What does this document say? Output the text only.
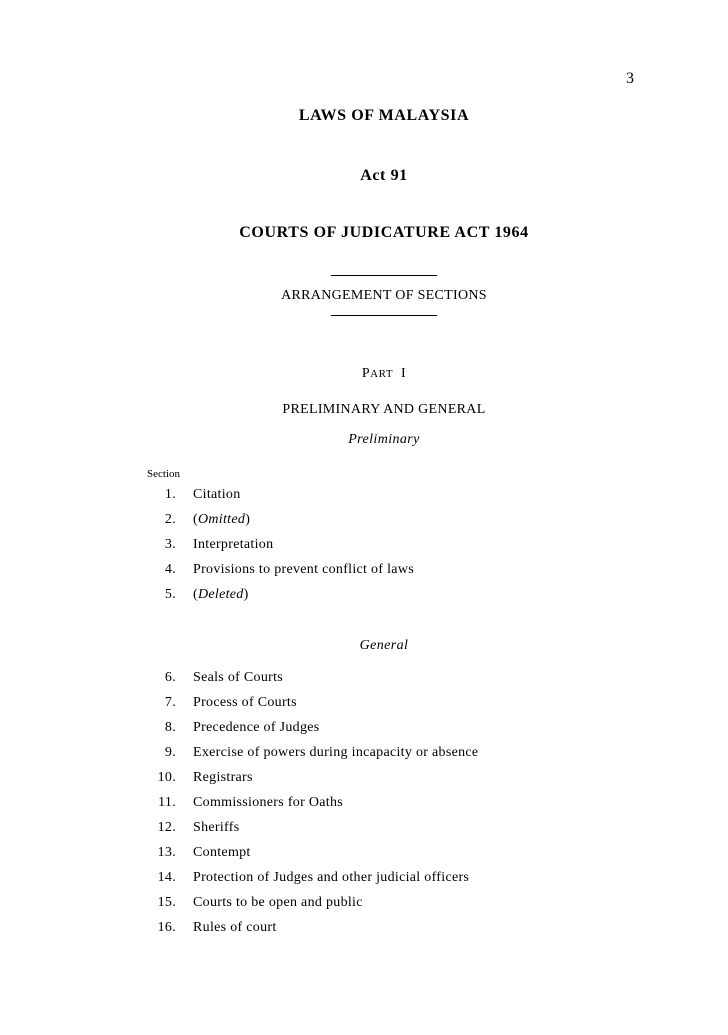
3
LAWS OF MALAYSIA
Act 91
COURTS OF JUDICATURE ACT 1964
ARRANGEMENT OF SECTIONS
PART I
PRELIMINARY AND GENERAL
Preliminary
Section
1. Citation
2. (Omitted)
3. Interpretation
4. Provisions to prevent conflict of laws
5. (Deleted)
General
6. Seals of Courts
7. Process of Courts
8. Precedence of Judges
9. Exercise of powers during incapacity or absence
10. Registrars
11. Commissioners for Oaths
12. Sheriffs
13. Contempt
14. Protection of Judges and other judicial officers
15. Courts to be open and public
16. Rules of court
